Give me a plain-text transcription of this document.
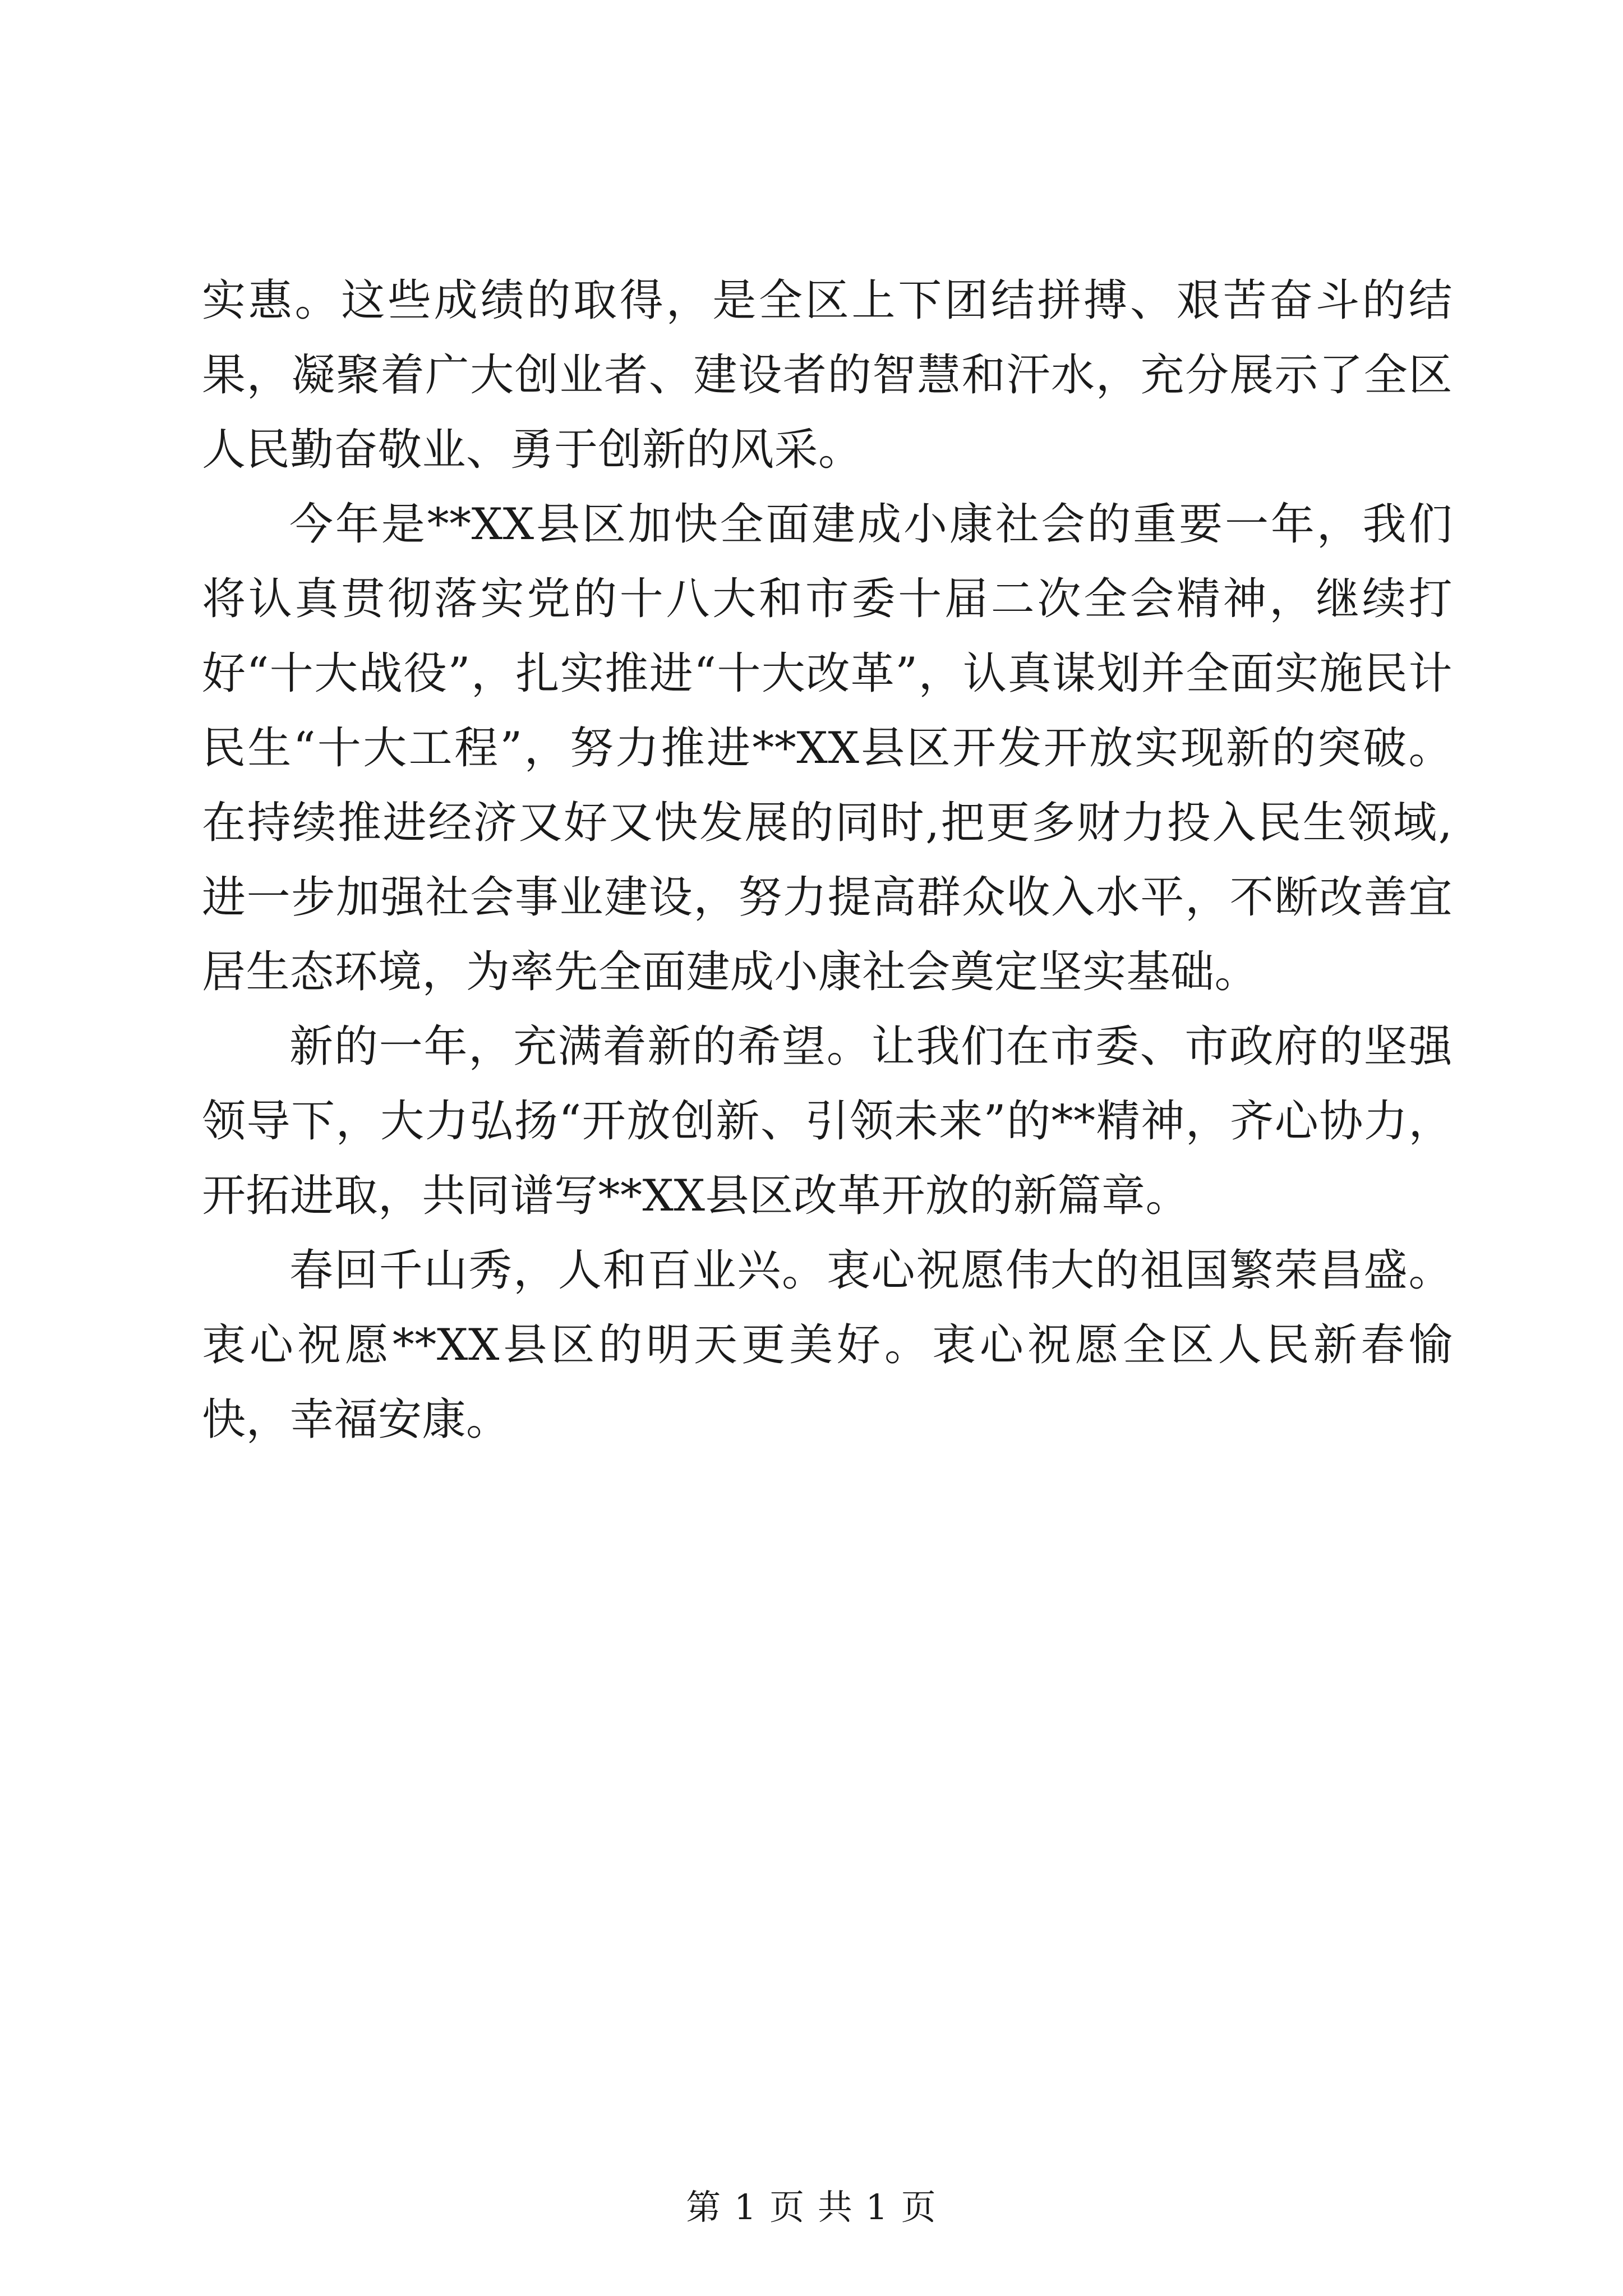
实惠。这些成绩的取得，是全区上下团结拼搏、艰苦奋斗的结果，凝聚着广大创业者、建设者的智慧和汗水，充分展示了全区人民勤奋敬业、勇于创新的风采。

今年是**XX县区加快全面建成小康社会的重要一年，我们将认真贯彻落实党的十八大和市委十届二次全会精神，继续打好“十大战役”，扎实推进“十大改革”，认真谋划并全面实施民计民生“十大工程”，努力推进**XX县区开发开放实现新的突破。在持续推进经济又好又快发展的同时,把更多财力投入民生领域,进一步加强社会事业建设，努力提高群众收入水平，不断改善宜居生态环境，为率先全面建成小康社会奠定坚实基础。

新的一年，充满着新的希望。让我们在市委、市政府的坚强领导下，大力弘扬“开放创新、引领未来”的**精神，齐心协力，开拓进取，共同谱写**XX县区改革开放的新篇章。

春回千山秀，人和百业兴。衷心祝愿伟大的祖国繁荣昌盛。衷心祝愿**XX县区的明天更美好。衷心祝愿全区人民新春愉快，幸福安康。

第 1 页 共 1 页
